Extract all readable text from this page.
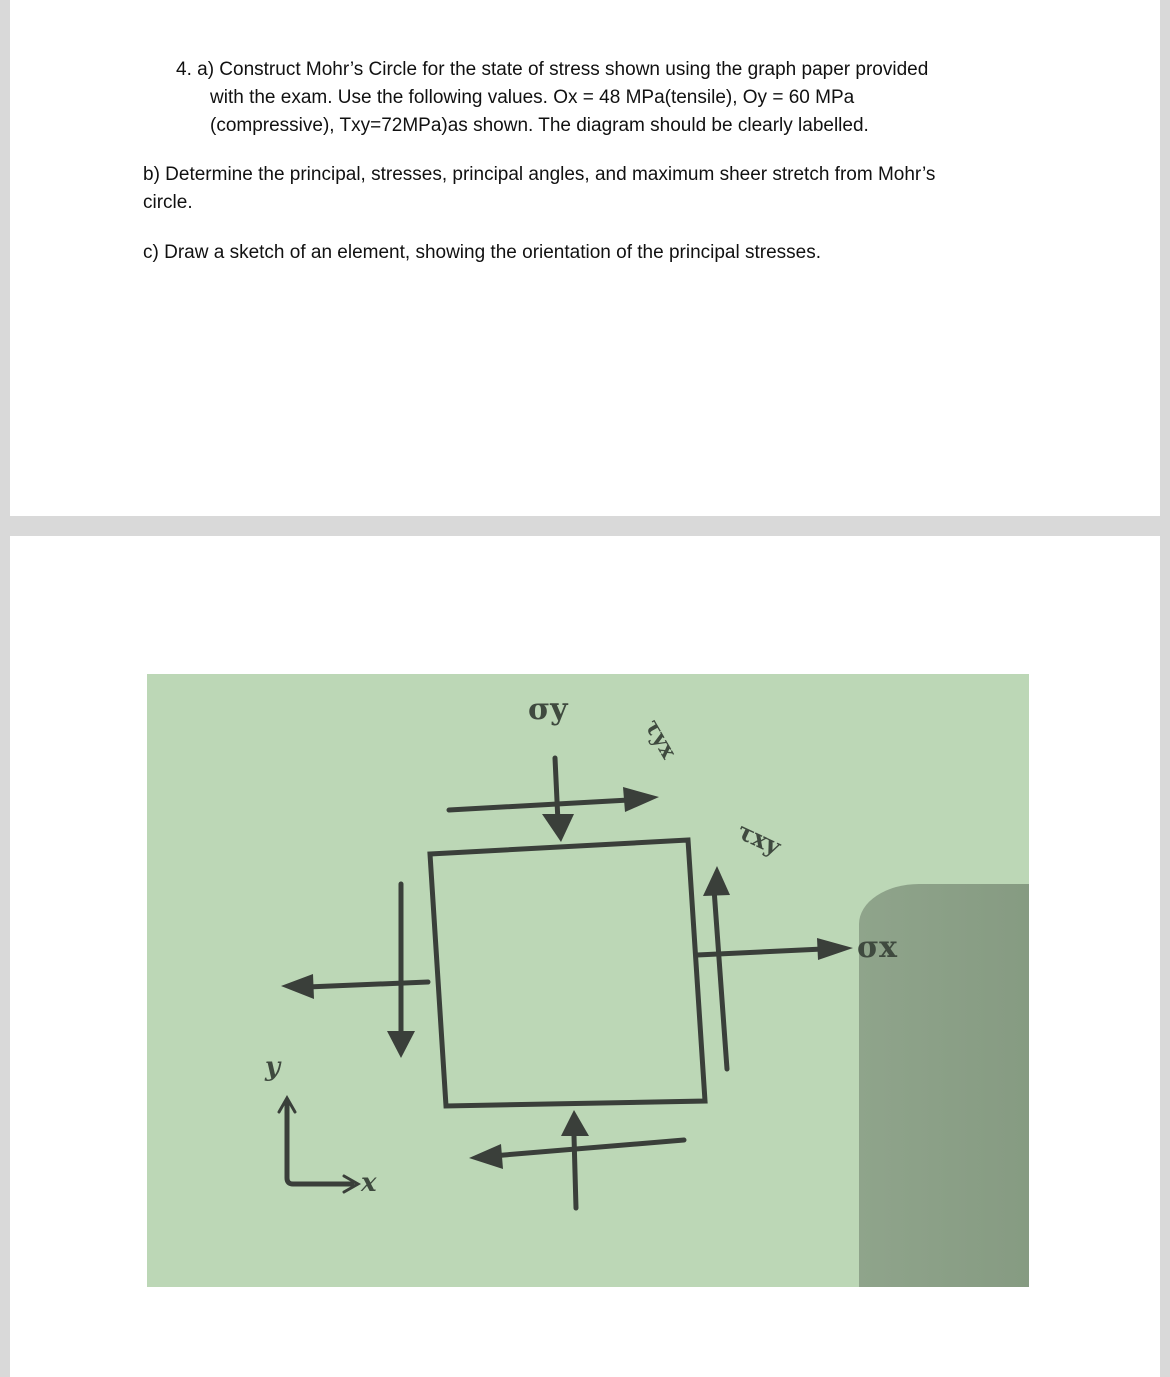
4. a) Construct Mohr’s Circle for the state of stress shown using the graph paper provided
with the exam. Use the following values. Ox = 48 MPa(tensile), Oy = 60 MPa
(compressive), Txy=72MPa)as shown. The diagram should be clearly labelled.
b) Determine the principal, stresses, principal angles, and maximum sheer stretch from Mohr’s
circle.
c) Draw a sketch of an element, showing the orientation of the principal stresses.
σy
τyx
τxy
σx
y
x
